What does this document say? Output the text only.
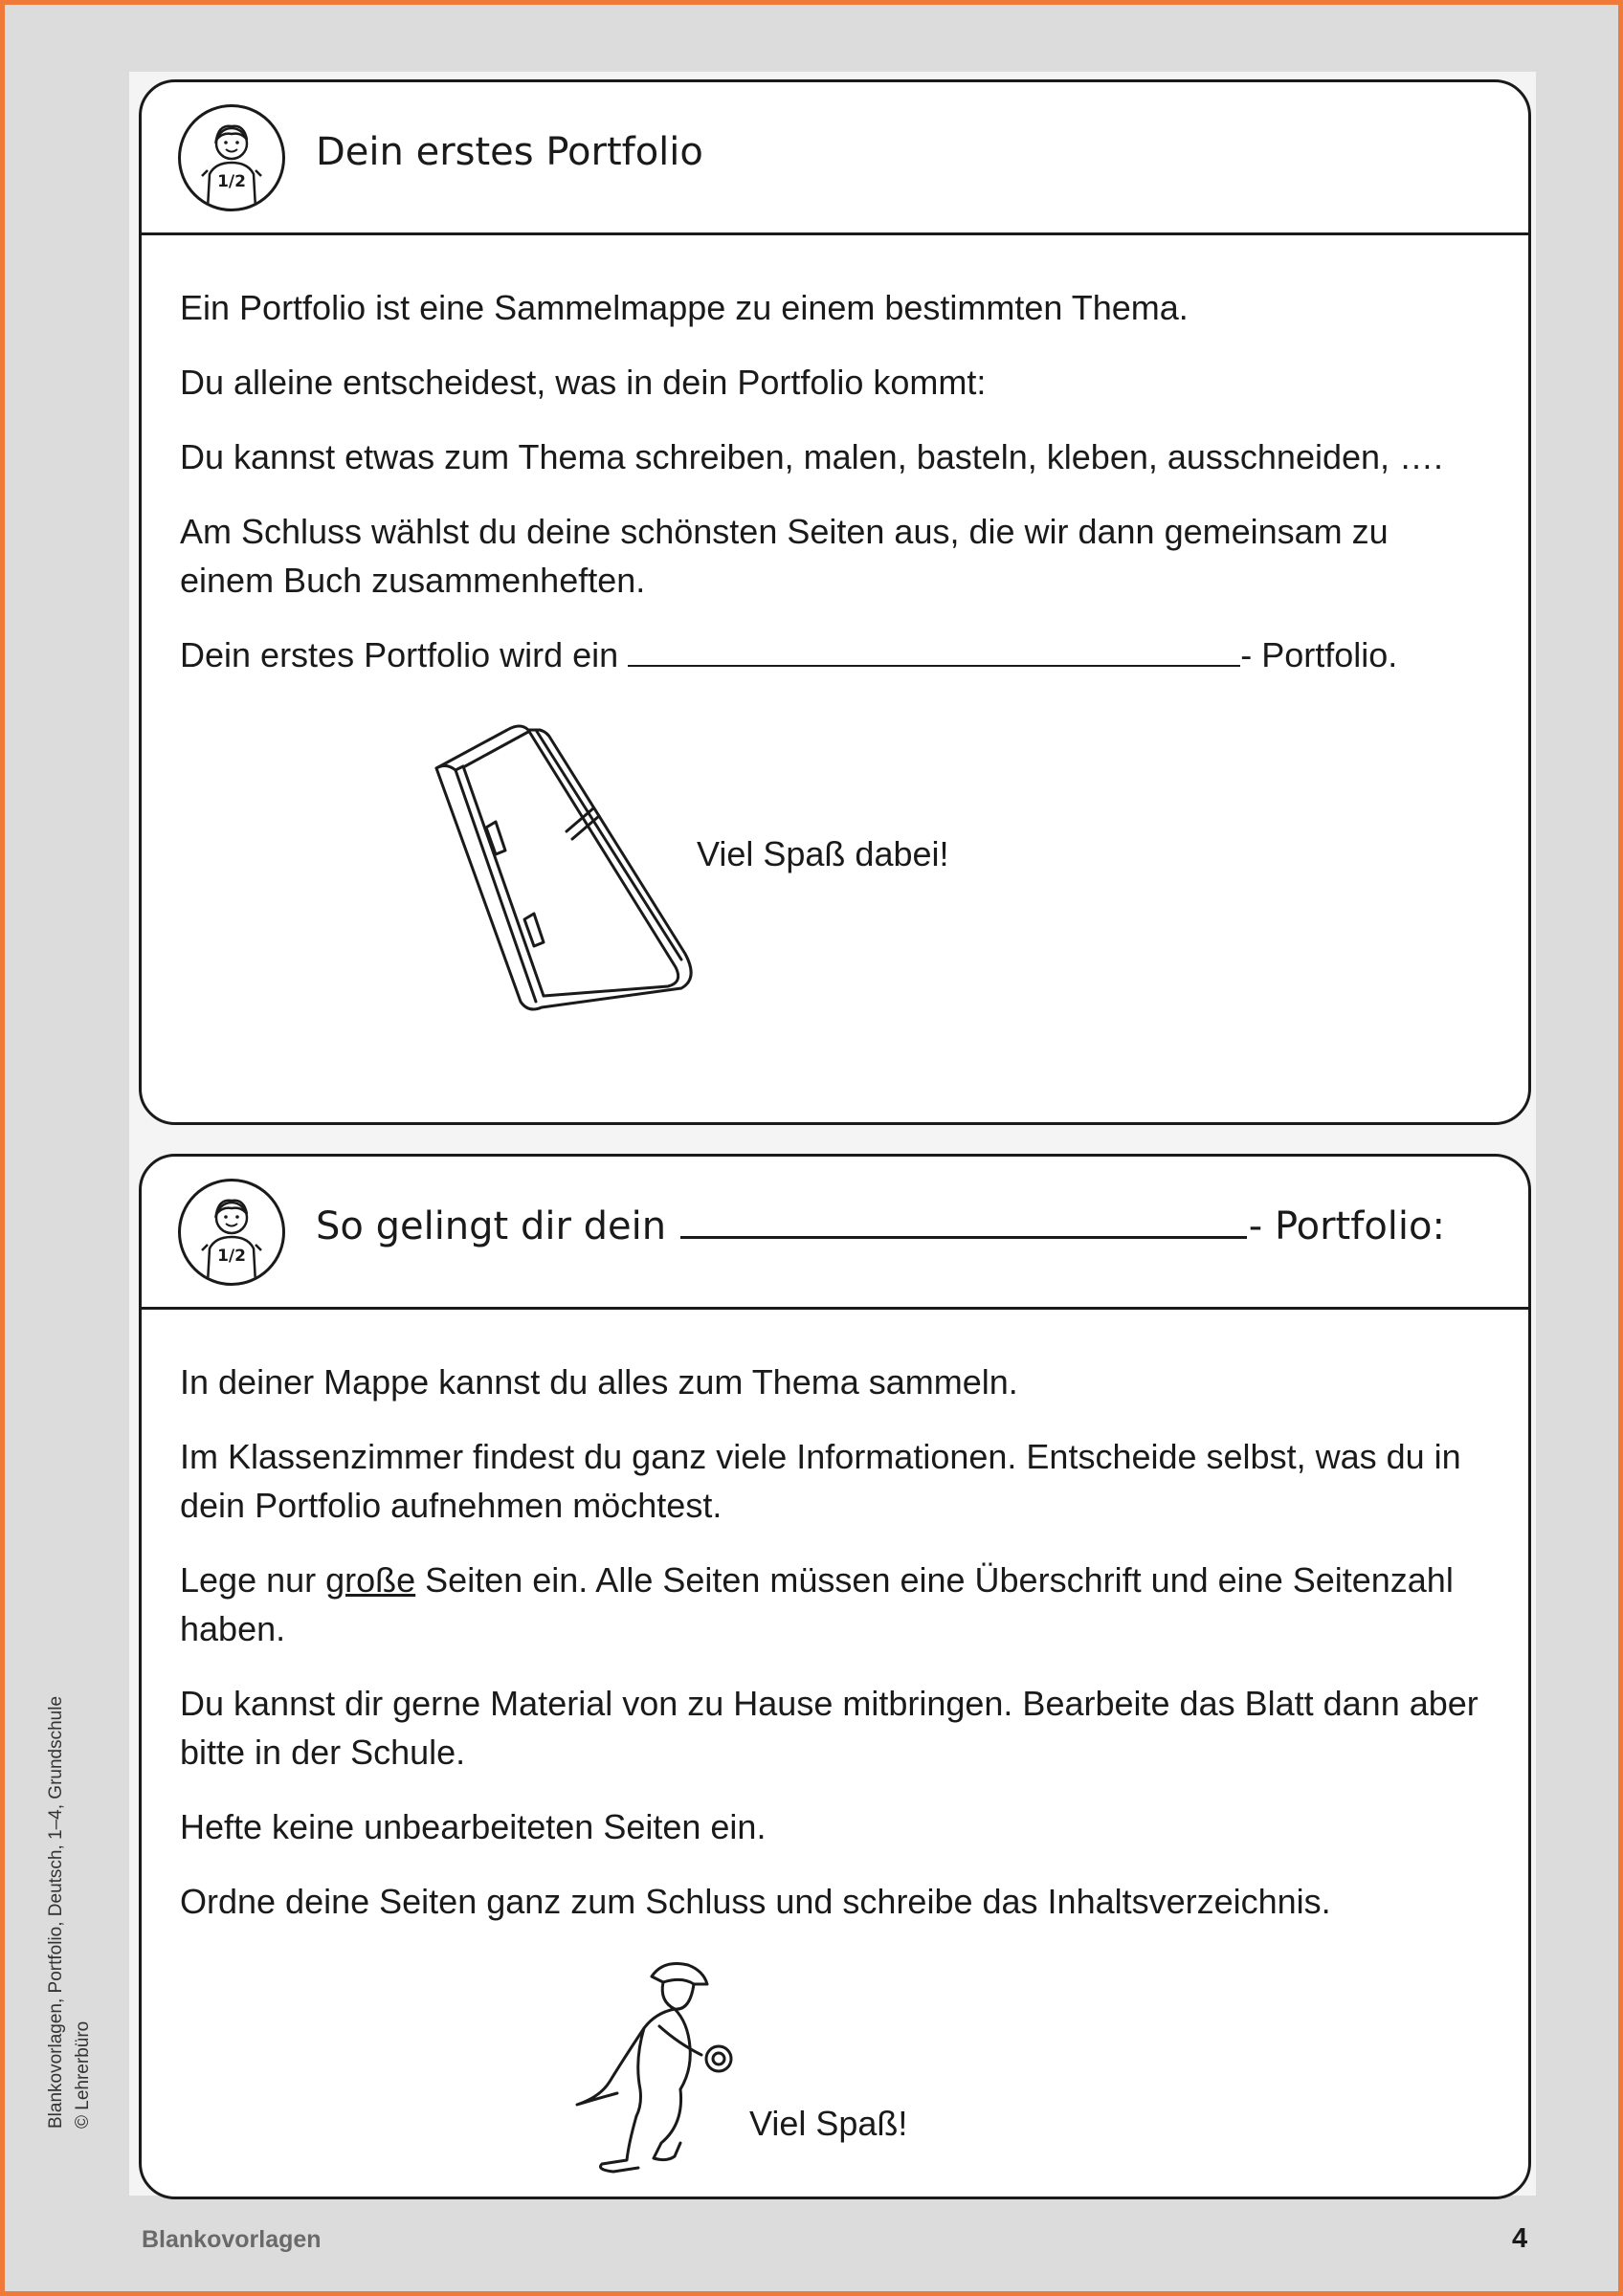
1/2
Dein erstes Portfolio

Ein Portfolio ist eine Sammelmappe zu einem bestimmten Thema.

Du alleine entscheidest, was in dein Portfolio kommt:

Du kannst etwas zum Thema schreiben, malen, basteln, kleben, ausschneiden, ….

Am Schluss wählst du deine schönsten Seiten aus, die wir dann gemeinsam zu einem Buch zusammenheften.

Dein erstes Portfolio wird ein	- Portfolio.

Viel Spaß dabei!
1/2
So gelingt dir dein	- Portfolio:

In deiner Mappe kannst du alles zum Thema sammeln.

Im Klassenzimmer findest du ganz viele Informationen. Entscheide selbst, was du in dein Portfolio aufnehmen möchtest.

Lege nur große Seiten ein. Alle Seiten müssen eine Überschrift und eine Seitenzahl haben.

Du kannst dir gerne Material von zu Hause mitbringen. Bearbeite das Blatt dann aber bitte in der Schule.

Hefte keine unbearbeiteten Seiten ein.

Ordne deine Seiten ganz zum Schluss und schreibe das Inhaltsverzeichnis.

Viel Spaß!
Blankovorlagen, Portfolio, Deutsch, 1–4, Grundschule © Lehrerbüro
Blankovorlagen	4
